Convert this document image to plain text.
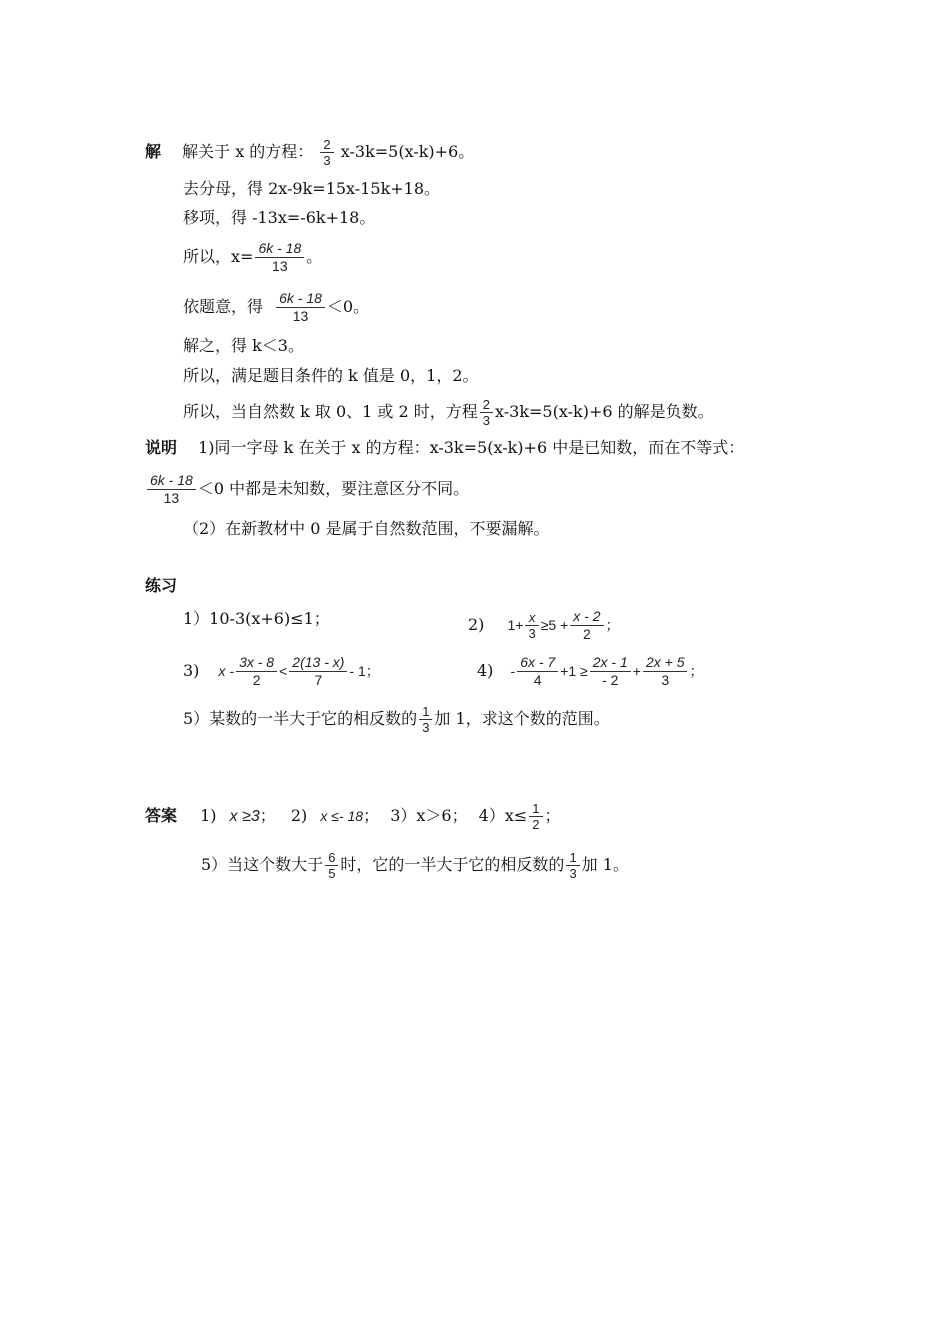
解 解关于 x 的方程： $\frac{2}{3} x-3k=5(x-k)+6$。
去分母，得 2x-9k=15x-15k+18。
移项，得 -13x=-6k+18。
所以，$x= \frac{6k - 18}{13}$ 。
依题意，得 $\frac{6k - 18}{13} <0$。
解之，得 k＜3。
所以，满足题目条件的 k 值是 0，1，2。
所以，当自然数 k 取 0、1 或 2 时，方程 $\frac{2}{3} x-3k=5(x-k)+6$ 的解是负数。
说明 1)同一字母 k 在关于 x 的方程：x-3k=5(x-k)+6 中是已知数，而在不等式：
$\frac{6k - 18}{13} <0$ 中都是未知数，要注意区分不同。
（2）在新教材中 0 是属于自然数范围，不要漏解。
练习
1）10-3(x+6)≤1；	2) $1+ \frac{x}{3} \ge 5 + \frac{x - 2}{2}$ ；
3) $x - \frac{3x - 8}{2} < \frac{2(13 - x)}{7} - 1$；	$4) - \frac{6x - 7}{4} +1 \ge \frac{2x - 1}{- 2} + \frac{2x + 5}{3}$ ；
5）某数的一半大于它的相反数的 $\frac{1}{3}$ 加 1，求这个数的范围。
答案 1) x ≥3； 2) x ≤- 18； 3）x＞6； $4)x\le \frac{1}{2}$ ；
5）当这个数大于 $\frac{6}{5}$ 时，它的一半大于它的相反数的 $\frac{1}{3}$ 加 1。
